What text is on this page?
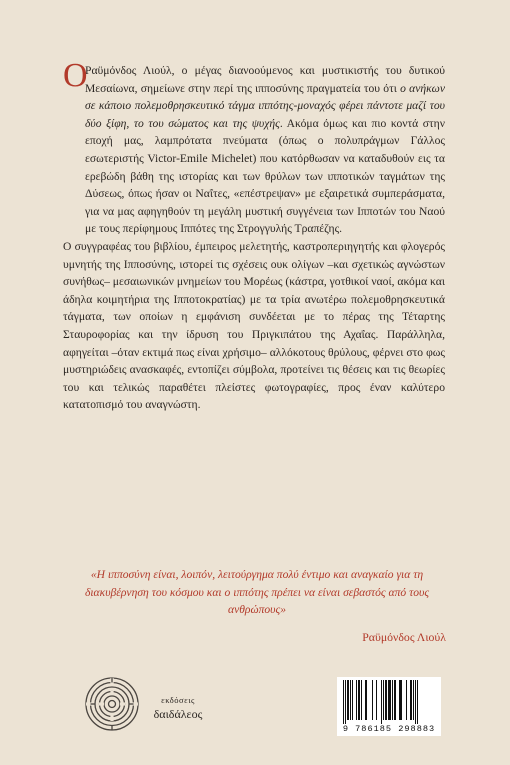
Ο
Ραϋμόνδος Λιούλ, ο μέγας διανοούμενος και μυστικιστής του δυτικού Μεσαίωνα, σημείωνε στην περί της ιπποσύνης πραγματεία του ότι ο ανήκων σε κάποιο πολεμοθρησκευτικό τάγμα ιππότης-μοναχός φέρει πάντοτε μαζί του δύο ξίφη, το του σώματος και της ψυχής. Ακόμα όμως και πιο κοντά στην εποχή μας, λαμπρότατα πνεύματα (όπως ο πολυπράγμων Γάλλος εσωτεριστής Victor-Emile Michelet) που κατόρθωσαν να καταδυθούν εις τα ερεβώδη βάθη της ιστορίας και των θρύλων των ιπποτικών ταγμάτων της Δύσεως, όπως ήσαν οι Ναΐτες, «επέστρεψαν» με εξαιρετικά συμπεράσματα, για να μας αφηγηθούν τη μεγάλη μυστική συγγένεια των Ιπποτών του Ναού με τους περίφημους Ιππότες της Στρογγυλής Τραπέζης.

Ο συγγραφέας του βιβλίου, έμπειρος μελετητής, καστροπεριηγητής και φλογερός υμνητής της Ιπποσύνης, ιστορεί τις σχέσεις ουκ ολίγων –και σχετικώς αγνώστων συνήθως– μεσαιωνικών μνημείων του Μορέως (κάστρα, γοτθικοί ναοί, ακόμα και άδηλα κοιμητήρια της Ιπποτοκρατίας) με τα τρία ανωτέρω πολεμοθρησκευτικά τάγματα, των οποίων η εμφάνιση συνδέεται με το πέρας της Τέταρτης Σταυροφορίας και την ίδρυση του Πριγκιπάτου της Αχαΐας. Παράλληλα, αφηγείται –όταν εκτιμά πως είναι χρήσιμο– αλλόκοτους θρύλους, φέρνει στο φως μυστηριώδεις ανασκαφές, εντοπίζει σύμβολα, προτείνει τις θέσεις και τις θεωρίες του και τελικώς παραθέτει πλείστες φωτογραφίες, προς έναν καλύτερο κατατοπισμό του αναγνώστη.

«Η ιπποσύνη είναι, λοιπόν, λειτούργημα πολύ έντιμο και αναγκαίο για τη διακυβέρνηση του κόσμου και ο ιππότης πρέπει να είναι σεβαστός από τους ανθρώπους»
Ραϋμόνδος Λιούλ
εκδόσεις
δαιδάλεος
9 786185 298883
